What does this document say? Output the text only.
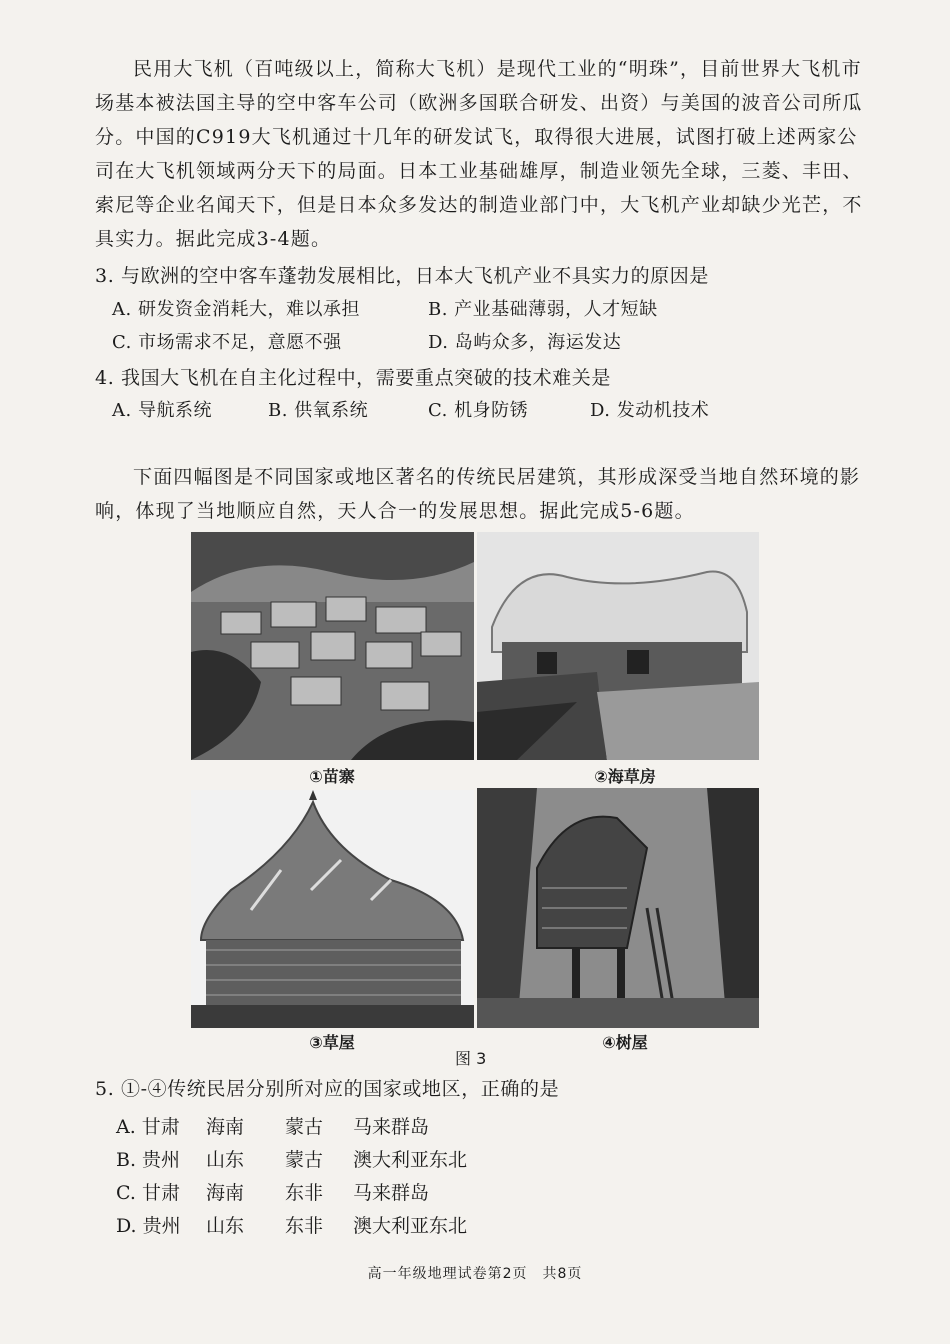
民用大飞机（百吨级以上，简称大飞机）是现代工业的“明珠”，目前世界大飞机市场基本被法国主导的空中客车公司（欧洲多国联合研发、出资）与美国的波音公司所瓜分。中国的C919大飞机通过十几年的研发试飞，取得很大进展，试图打破上述两家公司在大飞机领域两分天下的局面。日本工业基础雄厚，制造业领先全球，三菱、丰田、索尼等企业名闻天下，但是日本众多发达的制造业部门中，大飞机产业却缺少光芒，不具实力。据此完成3-4题。

3. 与欧洲的空中客车蓬勃发展相比，日本大飞机产业不具实力的原因是
A. 研发资金消耗大，难以承担	B. 产业基础薄弱，人才短缺
C. 市场需求不足，意愿不强	D. 岛屿众多，海运发达
4. 我国大飞机在自主化过程中，需要重点突破的技术难关是
A. 导航系统	B. 供氧系统	C. 机身防锈	D. 发动机技术

下面四幅图是不同国家或地区著名的传统民居建筑，其形成深受当地自然环境的影响，体现了当地顺应自然，天人合一的发展思想。据此完成5-6题。

①苗寨	②海草房
③草屋	④树屋
图 3
5. ①-④传统民居分别所对应的国家或地区，正确的是
A. 甘肃 海南 蒙古 马来群岛
B. 贵州 山东 蒙古 澳大利亚东北
C. 甘肃 海南 东非 马来群岛
D. 贵州 山东 东非 澳大利亚东北
高一年级地理试卷第2页　共8页
